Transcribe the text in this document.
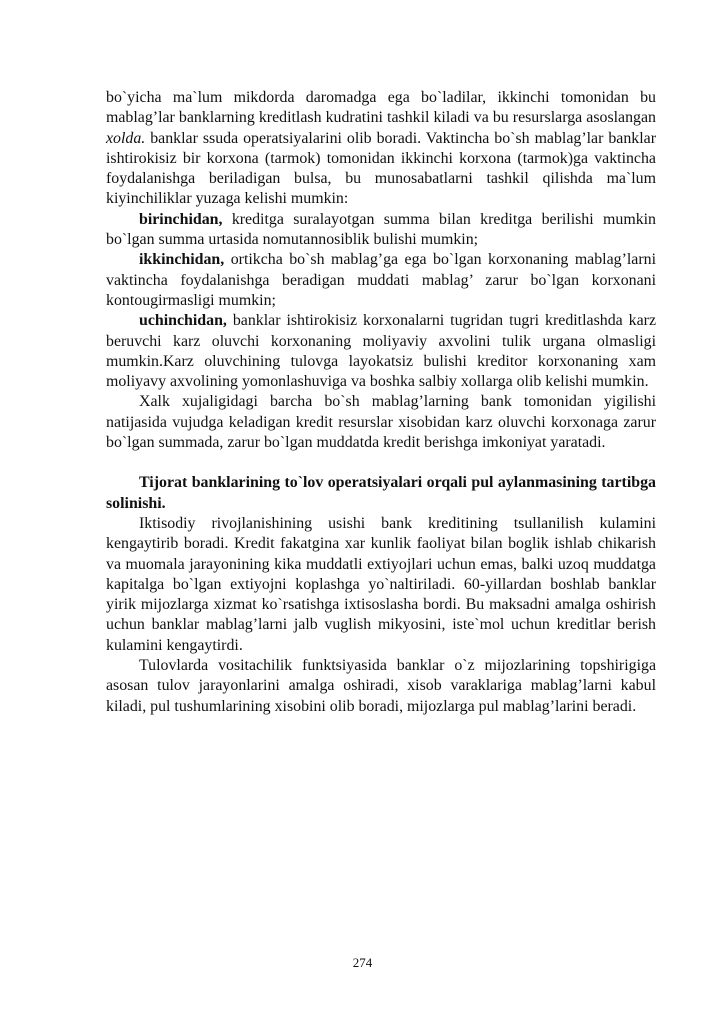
bo`yicha ma`lum mikdorda daromadga ega bo`ladilar, ikkinchi tomonidan bu mablag’lar banklarning kreditlash kudratini tashkil kiladi va bu resurslarga asoslangan xolda. banklar ssuda operatsiyalarini olib boradi. Vaktincha bo`sh mablag’lar banklar ishtirokisiz bir korxona (tarmok) tomonidan ikkinchi korxona (tarmok)ga vaktincha foydalanishga beriladigan bulsa, bu munosabatlarni tashkil qilishda ma`lum kiyinchiliklar yuzaga kelishi mumkin:

birinchidan, kreditga suralayotgan summa bilan kreditga berilishi mumkin bo`lgan summa urtasida nomutannosiblik bulishi mumkin;

ikkinchidan, ortikcha bo`sh mablag’ga ega bo`lgan korxonaning mablag’larni vaktincha foydalanishga beradigan muddati mablag’ zarur bo`lgan korxonani kontougirmasligi mumkin;

uchinchidan, banklar ishtirokisiz korxonalarni tugridan tugri kreditlashda karz beruvchi karz oluvchi korxonaning moliyaviy axvolini tulik urgana olmasligi mumkin.Karz oluvchining tulovga layokatsiz bulishi kreditor korxonaning xam moliyavy axvolining yomonlashuviga va boshka salbiy xollarga olib kelishi mumkin.

Xalk xujaligidagi barcha bo`sh mablag’larning bank tomonidan yigilishi natijasida vujudga keladigan kredit resurslar xisobidan karz oluvchi korxonaga zarur bo`lgan summada, zarur bo`lgan muddatda kredit berishga imkoniyat yaratadi.

Tijorat banklarining to`lov operatsiyalari orqali pul aylanmasining tartibga solinishi.

Iktisodiy rivojlanishining usishi bank kreditining tsullanilish kulamini kengaytirib boradi. Kredit fakatgina xar kunlik faoliyat bilan boglik ishlab chikarish va muomala jarayonining kika muddatli extiyojlari uchun emas, balki uzoq muddatga kapitalga bo`lgan extiyojni koplashga yo`naltiriladi. 60-yillardan boshlab banklar yirik mijozlarga xizmat ko`rsatishga ixtisoslasha bordi. Bu maksadni amalga oshirish uchun banklar mablag’larni jalb vuglish mikyosini, iste`mol uchun kreditlar berish kulamini kengaytirdi.

Tulovlarda vositachilik funktsiyasida banklar o`z mijozlarining topshirigiga asosan tulov jarayonlarini amalga oshiradi, xisob varaklariga mablag’larni kabul kiladi, pul tushumlarining xisobini olib boradi, mijozlarga pul mablag’larini beradi.

274
